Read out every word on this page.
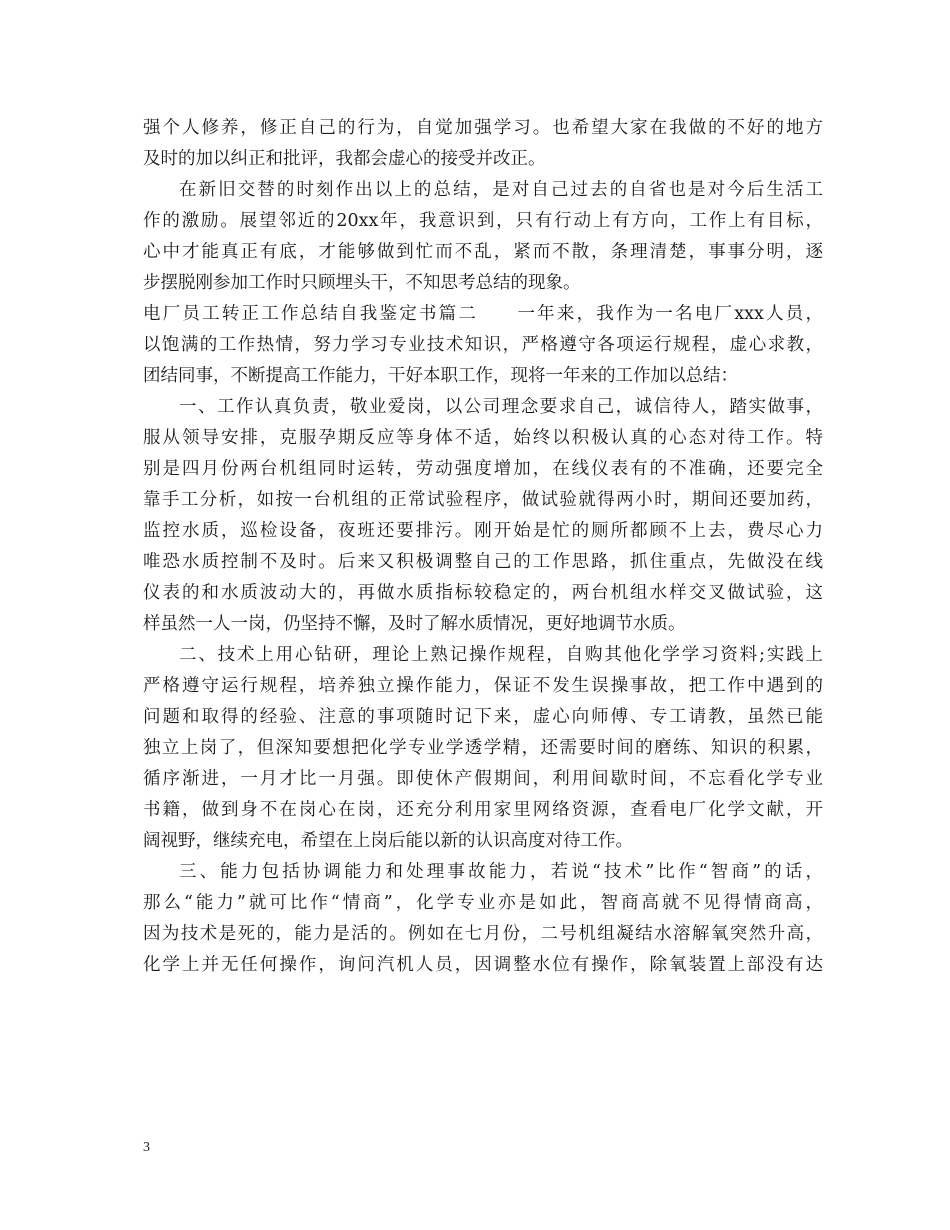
强个人修养，修正自己的行为，自觉加强学习。也希望大家在我做的不好的地方
及时的加以纠正和批评，我都会虚心的接受并改正。
在新旧交替的时刻作出以上的总结，是对自己过去的自省也是对今后生活工
作的激励。展望邻近的20xx年，我意识到，只有行动上有方向，工作上有目标，
心中才能真正有底，才能够做到忙而不乱，紧而不散，条理清楚，事事分明，逐
步摆脱刚参加工作时只顾埋头干，不知思考总结的现象。
电厂员工转正工作总结自我鉴定书篇二　　一年来，我作为一名电厂xxx人员，
以饱满的工作热情，努力学习专业技术知识，严格遵守各项运行规程，虚心求教，
团结同事，不断提高工作能力，干好本职工作，现将一年来的工作加以总结：
一、工作认真负责，敬业爱岗，以公司理念要求自己，诚信待人，踏实做事，
服从领导安排，克服孕期反应等身体不适，始终以积极认真的心态对待工作。特
别是四月份两台机组同时运转，劳动强度增加，在线仪表有的不准确，还要完全
靠手工分析，如按一台机组的正常试验程序，做试验就得两小时，期间还要加药，
监控水质，巡检设备，夜班还要排污。刚开始是忙的厕所都顾不上去，费尽心力
唯恐水质控制不及时。后来又积极调整自己的工作思路，抓住重点，先做没在线
仪表的和水质波动大的，再做水质指标较稳定的，两台机组水样交叉做试验，这
样虽然一人一岗，仍坚持不懈，及时了解水质情况，更好地调节水质。
二、技术上用心钻研，理论上熟记操作规程，自购其他化学学习资料;实践上
严格遵守运行规程，培养独立操作能力，保证不发生误操事故，把工作中遇到的
问题和取得的经验、注意的事项随时记下来，虚心向师傅、专工请教，虽然已能
独立上岗了，但深知要想把化学专业学透学精，还需要时间的磨练、知识的积累，
循序渐进，一月才比一月强。即使休产假期间，利用间歇时间，不忘看化学专业
书籍，做到身不在岗心在岗，还充分利用家里网络资源，查看电厂化学文献，开
阔视野，继续充电，希望在上岗后能以新的认识高度对待工作。
三、能力包括协调能力和处理事故能力，若说“技术”比作“智商”的话，
那么“能力”就可比作“情商”，化学专业亦是如此，智商高就不见得情商高，
因为技术是死的，能力是活的。例如在七月份，二号机组凝结水溶解氧突然升高，
化学上并无任何操作，询问汽机人员，因调整水位有操作，除氧装置上部没有达
3
